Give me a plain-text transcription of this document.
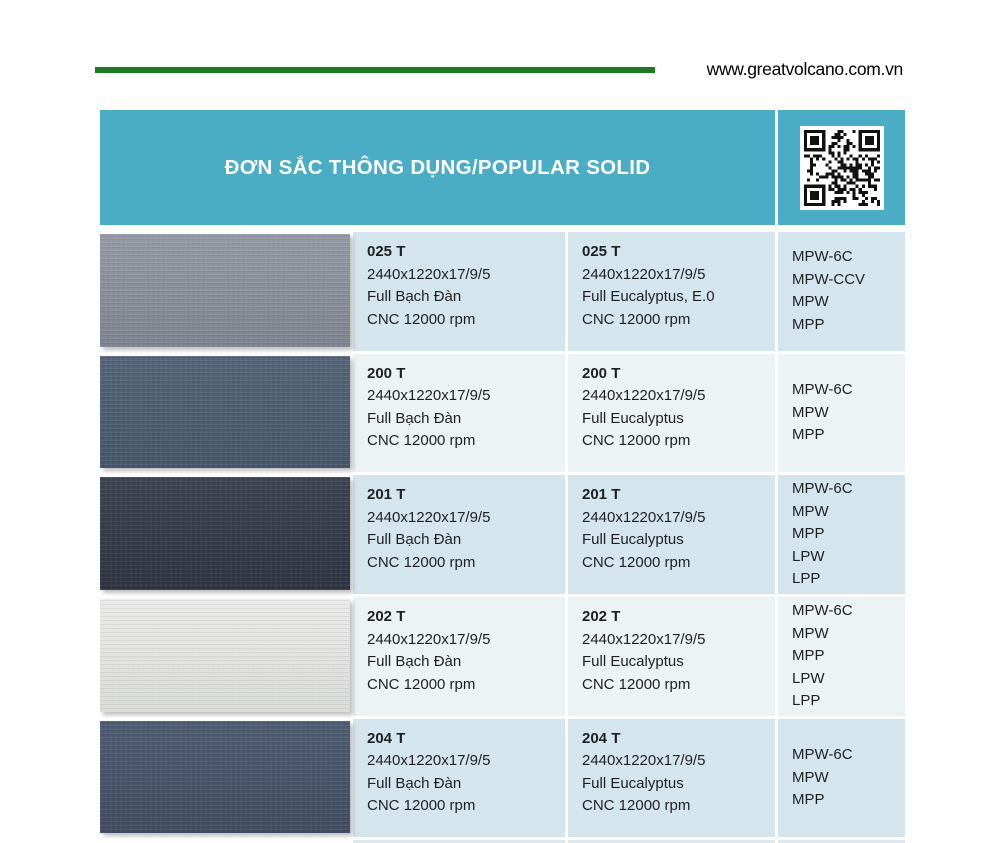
www.greatvolcano.com.vn
ĐƠN SẮC THÔNG DỤNG/POPULAR SOLID
025 T
2440x1220x17/9/5
Full Bạch Đàn
CNC 12000 rpm
025 T
2440x1220x17/9/5
Full Eucalyptus, E.0
CNC 12000 rpm
MPW-6C
MPW-CCV
MPW
MPP
200 T
2440x1220x17/9/5
Full Bạch Đàn
CNC 12000 rpm
200 T
2440x1220x17/9/5
Full Eucalyptus
CNC 12000 rpm
MPW-6C
MPW
MPP
201 T
2440x1220x17/9/5
Full Bạch Đàn
CNC 12000 rpm
201 T
2440x1220x17/9/5
Full Eucalyptus
CNC 12000 rpm
MPW-6C
MPW
MPP
LPW
LPP
202 T
2440x1220x17/9/5
Full Bạch Đàn
CNC 12000 rpm
202 T
2440x1220x17/9/5
Full Eucalyptus
CNC 12000 rpm
MPW-6C
MPW
MPP
LPW
LPP
204 T
2440x1220x17/9/5
Full Bạch Đàn
CNC 12000 rpm
204 T
2440x1220x17/9/5
Full Eucalyptus
CNC 12000 rpm
MPW-6C
MPW
MPP
